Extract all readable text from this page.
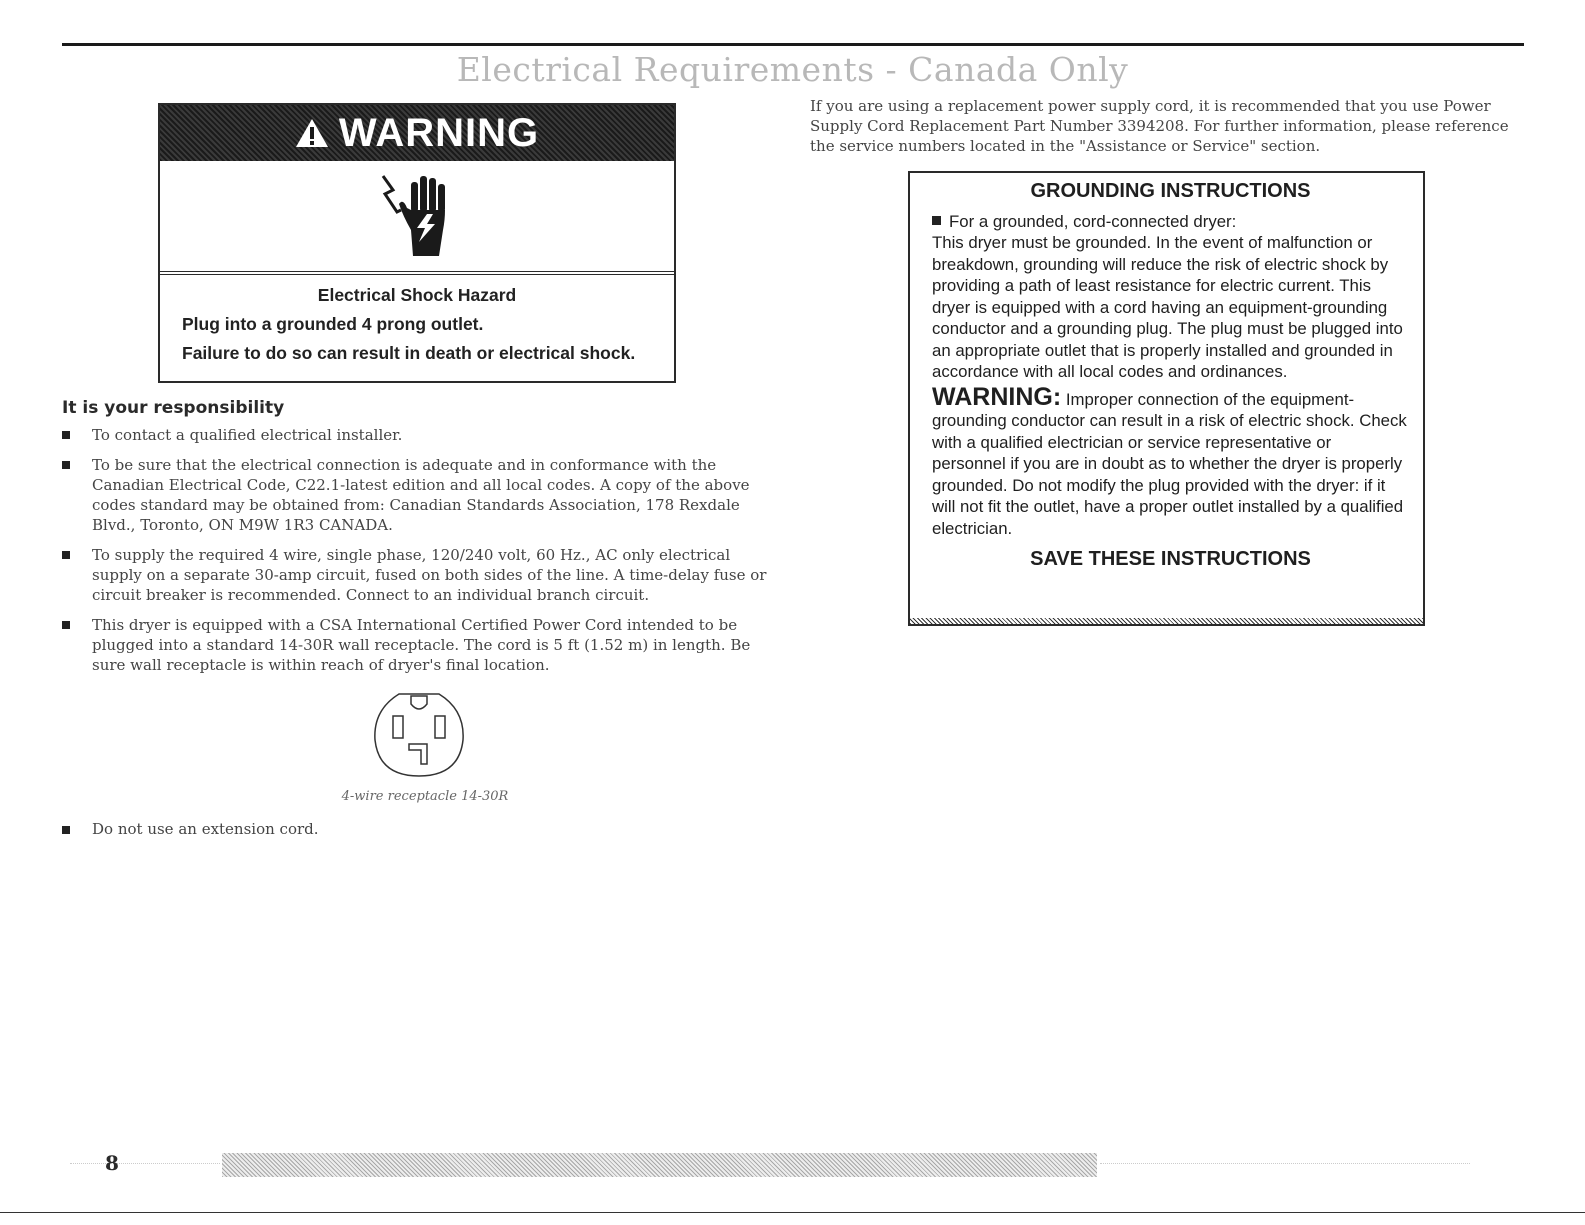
Electrical Requirements - Canada Only
WARNING
Electrical Shock Hazard

Plug into a grounded 4 prong outlet.

Failure to do so can result in death or electrical shock.

It is your responsibility
To contact a qualified electrical installer.
To be sure that the electrical connection is adequate and in conformance with the Canadian Electrical Code, C22.1-latest edition and all local codes. A copy of the above codes standard may be obtained from: Canadian Standards Association, 178 Rexdale Blvd., Toronto, ON M9W 1R3 CANADA.
To supply the required 4 wire, single phase, 120/240 volt, 60 Hz., AC only electrical supply on a separate 30-amp circuit, fused on both sides of the line. A time-delay fuse or circuit breaker is recommended. Connect to an individual branch circuit.
This dryer is equipped with a CSA International Certified Power Cord intended to be plugged into a standard 14-30R wall receptacle. The cord is 5 ft (1.52 m) in length. Be sure wall receptacle is within reach of dryer's final location.
4-wire receptacle 14-30R
Do not use an extension cord.
If you are using a replacement power supply cord, it is recommended that you use Power Supply Cord Replacement Part Number 3394208. For further information, please reference the service numbers located in the "Assistance or Service" section.
GROUNDING INSTRUCTIONS

For a grounded, cord-connected dryer:

This dryer must be grounded. In the event of malfunction or breakdown, grounding will reduce the risk of electric shock by providing a path of least resistance for electric current. This dryer is equipped with a cord having an equipment-grounding conductor and a grounding plug. The plug must be plugged into an appropriate outlet that is properly installed and grounded in accordance with all local codes and ordinances.

WARNING: Improper connection of the equipment-grounding conductor can result in a risk of electric shock. Check with a qualified electrician or service representative or personnel if you are in doubt as to whether the dryer is properly grounded. Do not modify the plug provided with the dryer: if it will not fit the outlet, have a proper outlet installed by a qualified electrician.

SAVE THESE INSTRUCTIONS

8
